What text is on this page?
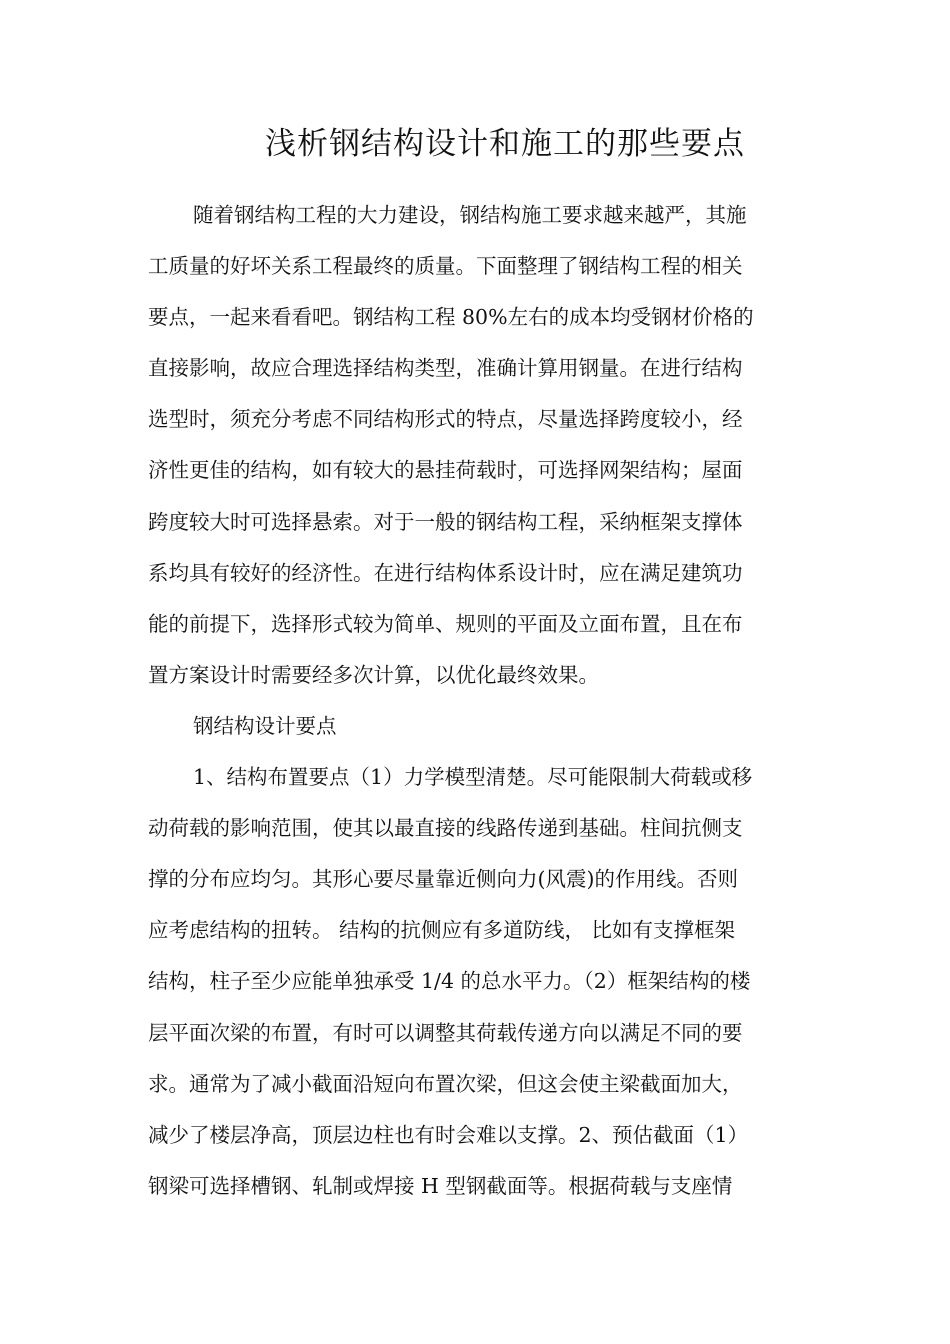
浅析钢结构设计和施工的那些要点
随着钢结构工程的大力建设，钢结构施工要求越来越严，其施
工质量的好坏关系工程最终的质量。下面整理了钢结构工程的相关
要点，一起来看看吧。钢结构工程 80%左右的成本均受钢材价格的
直接影响，故应合理选择结构类型，准确计算用钢量。在进行结构
选型时，须充分考虑不同结构形式的特点，尽量选择跨度较小，经
济性更佳的结构，如有较大的悬挂荷载时，可选择网架结构；屋面
跨度较大时可选择悬索。对于一般的钢结构工程，采纳框架支撑体
系均具有较好的经济性。在进行结构体系设计时，应在满足建筑功
能的前提下，选择形式较为简单、规则的平面及立面布置，且在布
置方案设计时需要经多次计算，以优化最终效果。
钢结构设计要点
1、结构布置要点（1）力学模型清楚。尽可能限制大荷载或移
动荷载的影响范围，使其以最直接的线路传递到基础。柱间抗侧支
撑的分布应均匀。其形心要尽量靠近侧向力(风震)的作用线。否则
应考虑结构的扭转。 结构的抗侧应有多道防线， 比如有支撑框架
结构，柱子至少应能单独承受 1/4 的总水平力。（2）框架结构的楼
层平面次梁的布置，有时可以调整其荷载传递方向以满足不同的要
求。通常为了减小截面沿短向布置次梁，但这会使主梁截面加大，
减少了楼层净高，顶层边柱也有时会难以支撑。2、预估截面（1）
钢梁可选择槽钢、轧制或焊接 H 型钢截面等。根据荷载与支座情
